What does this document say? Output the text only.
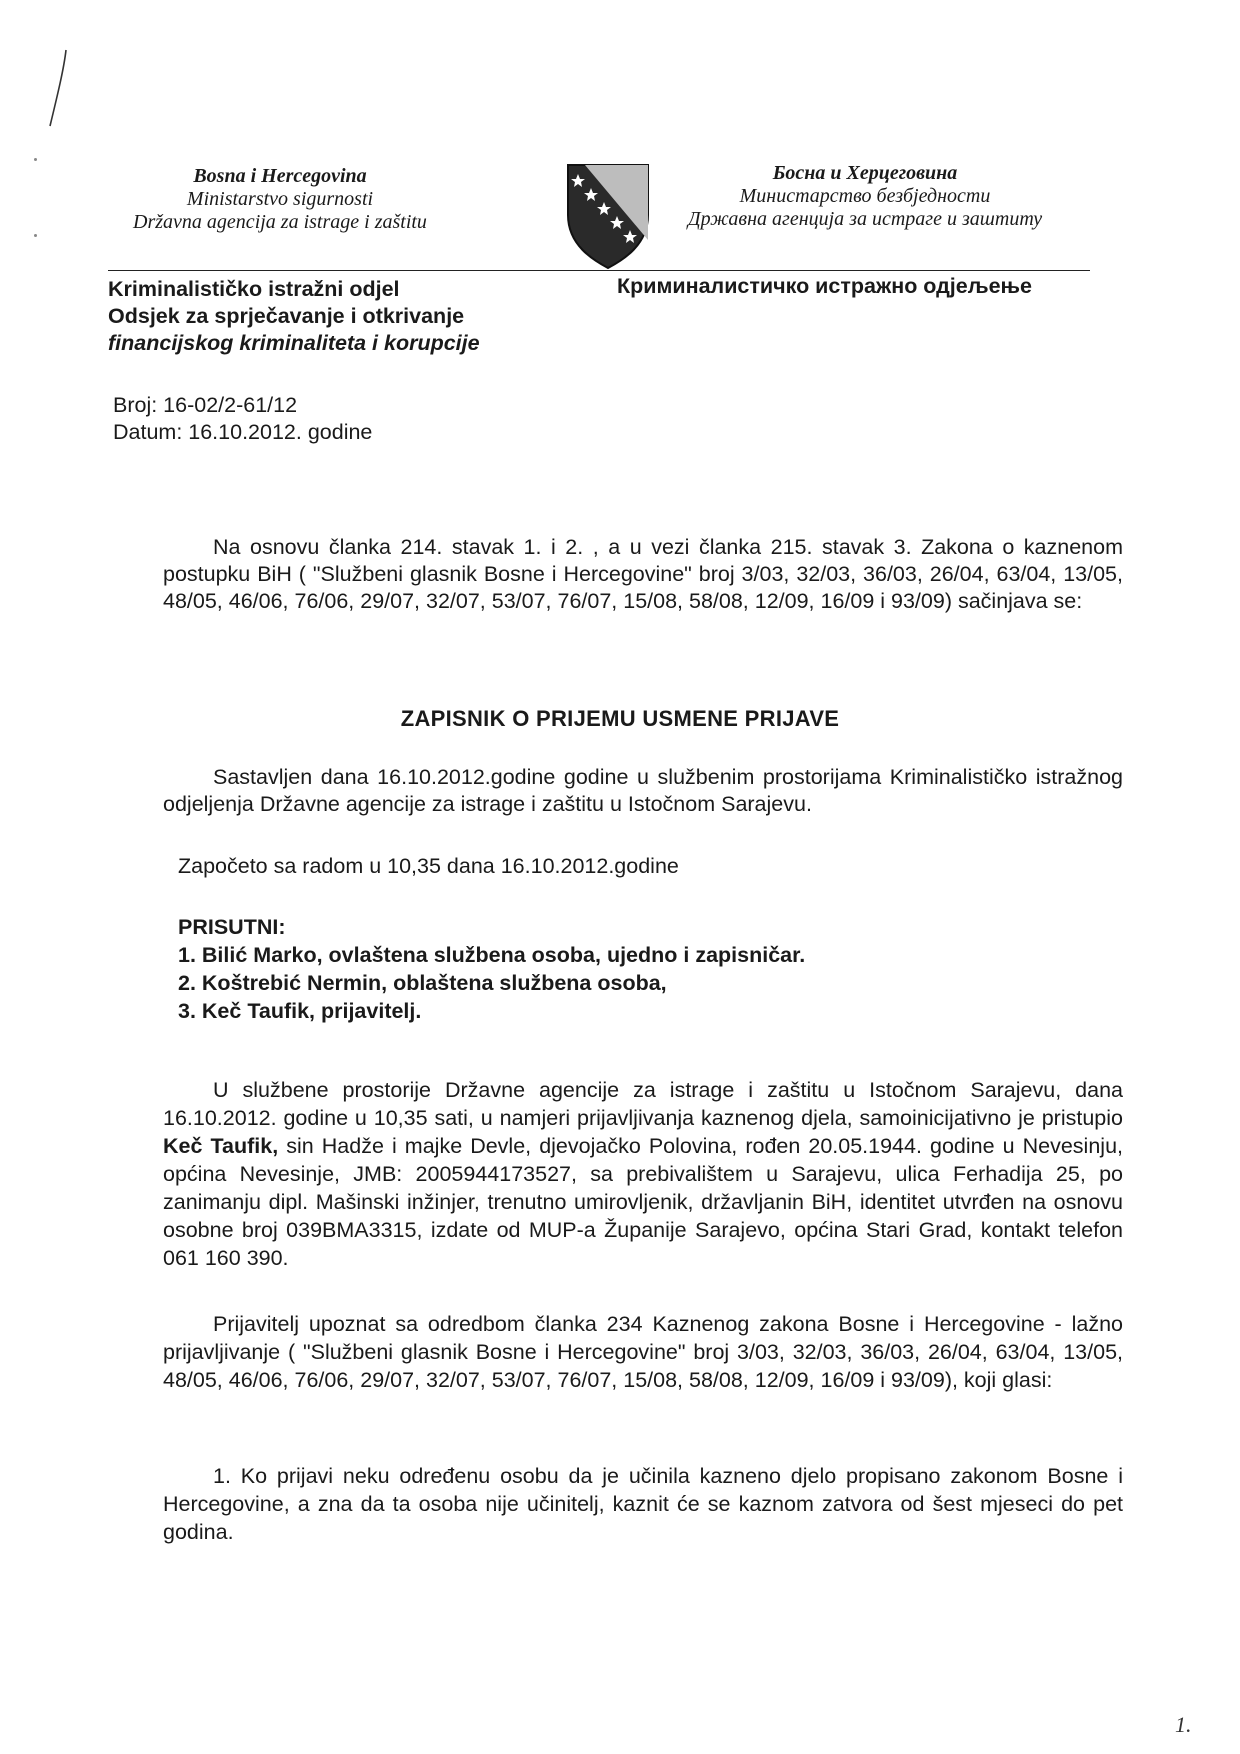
Bosna i Hercegovina
Ministarstvo sigurnosti
Državna agencija za istrage i zaštitu
Босна и Херцеговина
Министарство безбједности
Државна агенција за истраге и заштиту
Kriminalističko istražni odjel
Odsjek za sprječavanje i otkrivanje
financijskog kriminaliteta i korupcije
Криминалистичко истражно одјељење
Broj: 16-02/2-61/12
Datum: 16.10.2012. godine
Na osnovu članka 214. stavak 1. i 2. , a u vezi članka 215. stavak 3. Zakona o kaznenom postupku BiH ( "Službeni glasnik Bosne i Hercegovine" broj 3/03, 32/03, 36/03, 26/04, 63/04, 13/05, 48/05, 46/06, 76/06, 29/07, 32/07, 53/07, 76/07, 15/08, 58/08, 12/09, 16/09 i 93/09) sačinjava se:
ZAPISNIK O PRIJEMU USMENE PRIJAVE
Sastavljen dana 16.10.2012.godine godine u službenim prostorijama Kriminalističko istražnog odjeljenja Državne agencije za istrage i zaštitu u Istočnom Sarajevu.
Započeto sa radom u 10,35 dana 16.10.2012.godine
PRISUTNI:
1. Bilić Marko, ovlaštena službena osoba, ujedno i zapisničar.
2. Koštrebić Nermin, oblaštena službena osoba,
3. Keč Taufik, prijavitelj.
U službene prostorije Državne agencije za istrage i zaštitu u Istočnom Sarajevu, dana 16.10.2012. godine u 10,35 sati, u namjeri prijavljivanja kaznenog djela, samoinicijativno je pristupio Keč Taufik, sin Hadže i majke Devle, djevojačko Polovina, rođen 20.05.1944. godine u Nevesinju, općina Nevesinje, JMB: 2005944173527, sa prebivalištem u Sarajevu, ulica Ferhadija 25, po zanimanju dipl. Mašinski inžinjer, trenutno umirovljenik, državljanin BiH, identitet utvrđen na osnovu osobne broj 039BMA3315, izdate od MUP-a Županije Sarajevo, općina Stari Grad, kontakt telefon 061 160 390.
Prijavitelj upoznat sa odredbom članka 234 Kaznenog zakona Bosne i Hercegovine - lažno prijavljivanje ( "Službeni glasnik Bosne i Hercegovine" broj 3/03, 32/03, 36/03, 26/04, 63/04, 13/05, 48/05, 46/06, 76/06, 29/07, 32/07, 53/07, 76/07, 15/08, 58/08, 12/09, 16/09 i 93/09), koji glasi:
1. Ko prijavi neku određenu osobu da je učinila kazneno djelo propisano zakonom Bosne i Hercegovine, a zna da ta osoba nije učinitelj, kaznit će se kaznom zatvora od šest mjeseci do pet godina.
1.
